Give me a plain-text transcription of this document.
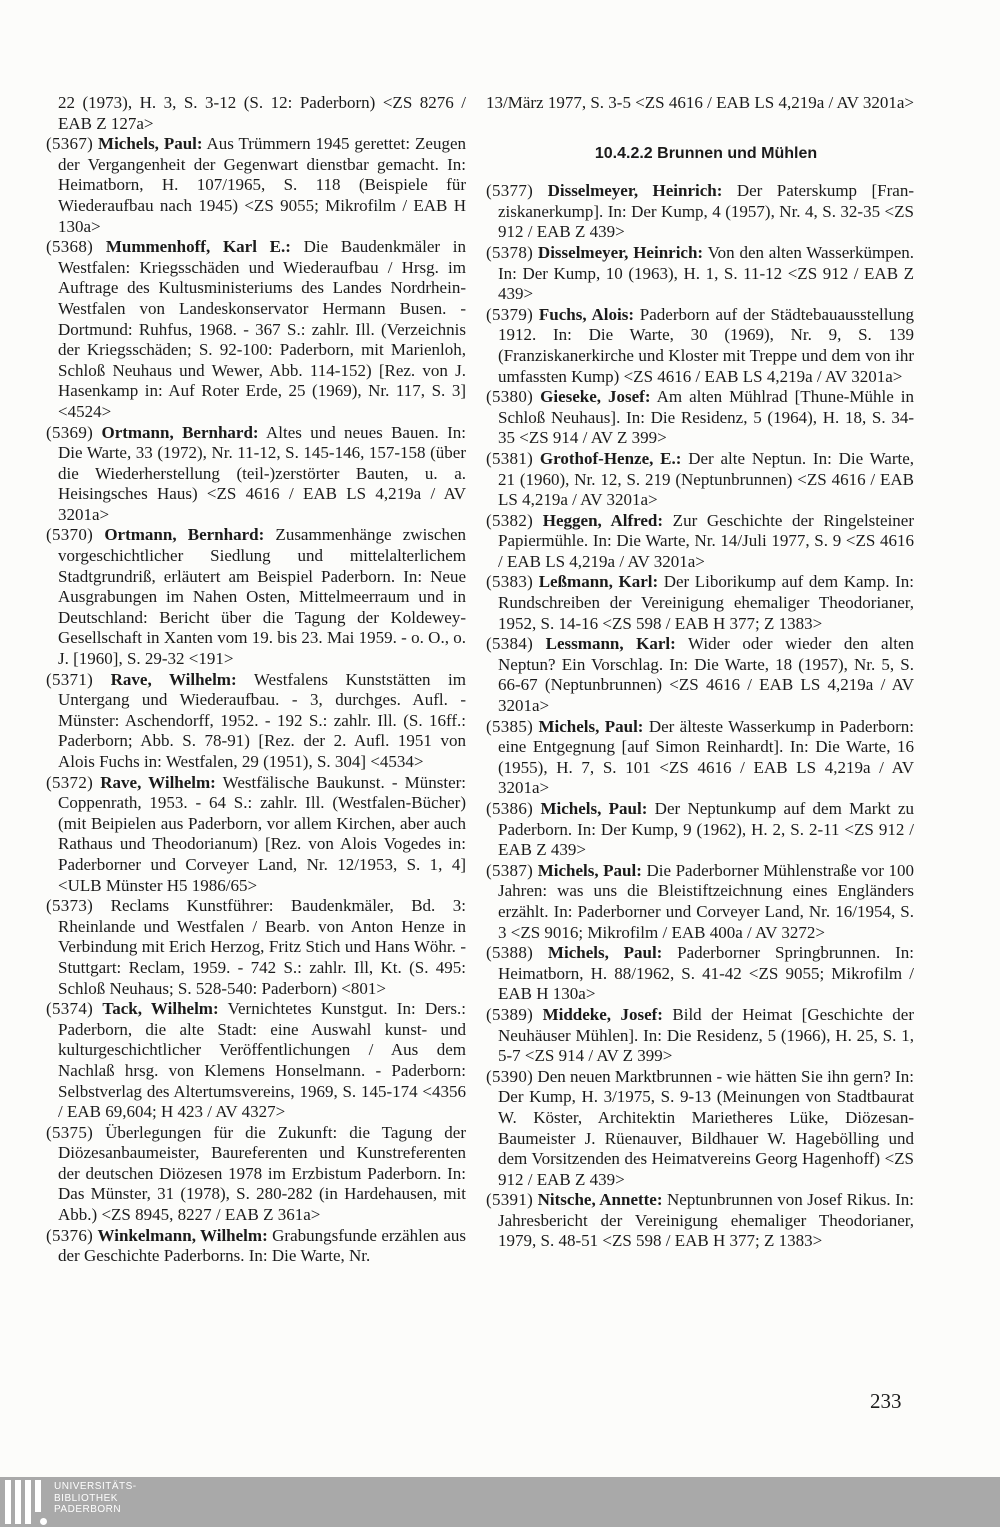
22 (1973), H. 3, S. 3-12 (S. 12: Paderborn) <ZS 8276 / EAB Z 127a>

(5367) Michels, Paul: Aus Trümmern 1945 gerettet: Zeugen der Vergangenheit der Gegenwart dienstbar gemacht. In: Heimatborn, H. 107/1965, S. 118 (Beispiele für Wiederaufbau nach 1945) <ZS 9055; Mikrofilm / EAB H 130a>

(5368) Mummenhoff, Karl E.: Die Baudenkmäler in Westfalen: Kriegsschäden und Wiederaufbau / Hrsg. im Auftrage des Kultusministeriums des Landes Nordrhein-Westfalen von Landeskonservator Hermann Busen. - Dortmund: Ruhfus, 1968. - 367 S.: zahlr. Ill. (Verzeichnis der Kriegsschäden; S. 92-100: Paderborn, mit Marienloh, Schloß Neuhaus und Wewer, Abb. 114-152) [Rez. von J. Hasenkamp in: Auf Roter Erde, 25 (1969), Nr. 117, S. 3] <4524>

(5369) Ortmann, Bernhard: Altes und neues Bauen. In: Die Warte, 33 (1972), Nr. 11-12, S. 145-146, 157-158 (über die Wiederherstellung (teil-)zerstörter Bauten, u. a. Heisingsches Haus) <ZS 4616 / EAB LS 4,219a / AV 3201a>

(5370) Ortmann, Bernhard: Zusammenhänge zwischen vorgeschichtlicher Siedlung und mittelalterlichem Stadtgrundriß, erläutert am Beispiel Paderborn. In: Neue Ausgrabungen im Nahen Osten, Mittelmeerraum und in Deutschland: Bericht über die Tagung der Koldewey-Gesellschaft in Xanten vom 19. bis 23. Mai 1959. - o. O., o. J. [1960], S. 29-32 <191>

(5371) Rave, Wilhelm: Westfalens Kunststätten im Untergang und Wiederaufbau. - 3, durchges. Aufl. - Münster: Aschendorff, 1952. - 192 S.: zahlr. Ill. (S. 16ff.: Paderborn; Abb. S. 78-91) [Rez. der 2. Aufl. 1951 von Alois Fuchs in: Westfalen, 29 (1951), S. 304] <4534>

(5372) Rave, Wilhelm: Westfälische Baukunst. - Münster: Coppenrath, 1953. - 64 S.: zahlr. Ill. (Westfalen-Bücher) (mit Beipielen aus Paderborn, vor allem Kirchen, aber auch Rathaus und Theodorianum) [Rez. von Alois Vogedes in: Paderborner und Corveyer Land, Nr. 12/1953, S. 1, 4] <ULB Münster H5 1986/65>

(5373) Reclams Kunstführer: Baudenkmäler, Bd. 3: Rheinlande und Westfalen / Bearb. von Anton Henze in Verbindung mit Erich Herzog, Fritz Stich und Hans Wöhr. - Stuttgart: Reclam, 1959. - 742 S.: zahlr. Ill, Kt. (S. 495: Schloß Neuhaus; S. 528-540: Paderborn) <801>

(5374) Tack, Wilhelm: Vernichtetes Kunstgut. In: Ders.: Paderborn, die alte Stadt: eine Auswahl kunst- und kulturgeschichtlicher Veröffentlichungen / Aus dem Nachlaß hrsg. von Klemens Honselmann. - Paderborn: Selbstverlag des Altertumsvereins, 1969, S. 145-174 <4356 / EAB 69,604; H 423 / AV 4327>

(5375) Überlegungen für die Zukunft: die Tagung der Diözesanbaumeister, Baureferenten und Kunstreferenten der deutschen Diözesen 1978 im Erzbistum Paderborn. In: Das Münster, 31 (1978), S. 280-282 (in Hardehausen, mit Abb.) <ZS 8945, 8227 / EAB Z 361a>

(5376) Winkelmann, Wilhelm: Grabungsfunde erzählen aus der Geschichte Paderborns. In: Die Warte, Nr.

13/März 1977, S. 3-5 <ZS 4616 / EAB LS 4,219a / AV 3201a>

10.4.2.2 Brunnen und Mühlen

(5377) Disselmeyer, Heinrich: Der Paterskump [Franziskanerkump]. In: Der Kump, 4 (1957), Nr. 4, S. 32-35 <ZS 912 / EAB Z 439>

(5378) Disselmeyer, Heinrich: Von den alten Wasserkümpen. In: Der Kump, 10 (1963), H. 1, S. 11-12 <ZS 912 / EAB Z 439>

(5379) Fuchs, Alois: Paderborn auf der Städtebauausstellung 1912. In: Die Warte, 30 (1969), Nr. 9, S. 139 (Franziskanerkirche und Kloster mit Treppe und dem von ihr umfassten Kump) <ZS 4616 / EAB LS 4,219a / AV 3201a>

(5380) Gieseke, Josef: Am alten Mühlrad [Thune-Mühle in Schloß Neuhaus]. In: Die Residenz, 5 (1964), H. 18, S. 34-35 <ZS 914 / AV Z 399>

(5381) Grothof-Henze, E.: Der alte Neptun. In: Die Warte, 21 (1960), Nr. 12, S. 219 (Neptunbrunnen) <ZS 4616 / EAB LS 4,219a / AV 3201a>

(5382) Heggen, Alfred: Zur Geschichte der Ringelsteiner Papiermühle. In: Die Warte, Nr. 14/Juli 1977, S. 9 <ZS 4616 / EAB LS 4,219a / AV 3201a>

(5383) Leßmann, Karl: Der Liborikump auf dem Kamp. In: Rundschreiben der Vereinigung ehemaliger Theodorianer, 1952, S. 14-16 <ZS 598 / EAB H 377; Z 1383>

(5384) Lessmann, Karl: Wider oder wieder den alten Neptun? Ein Vorschlag. In: Die Warte, 18 (1957), Nr. 5, S. 66-67 (Neptunbrunnen) <ZS 4616 / EAB LS 4,219a / AV 3201a>

(5385) Michels, Paul: Der älteste Wasserkump in Paderborn: eine Entgegnung [auf Simon Reinhardt]. In: Die Warte, 16 (1955), H. 7, S. 101 <ZS 4616 / EAB LS 4,219a / AV 3201a>

(5386) Michels, Paul: Der Neptunkump auf dem Markt zu Paderborn. In: Der Kump, 9 (1962), H. 2, S. 2-11 <ZS 912 / EAB Z 439>

(5387) Michels, Paul: Die Paderborner Mühlenstraße vor 100 Jahren: was uns die Bleistiftzeichnung eines Engländers erzählt. In: Paderborner und Corveyer Land, Nr. 16/1954, S. 3 <ZS 9016; Mikrofilm / EAB 400a / AV 3272>

(5388) Michels, Paul: Paderborner Springbrunnen. In: Heimatborn, H. 88/1962, S. 41-42 <ZS 9055; Mikrofilm / EAB H 130a>

(5389) Middeke, Josef: Bild der Heimat [Geschichte der Neuhäuser Mühlen]. In: Die Residenz, 5 (1966), H. 25, S. 1, 5-7 <ZS 914 / AV Z 399>

(5390) Den neuen Marktbrunnen - wie hätten Sie ihn gern? In: Der Kump, H. 3/1975, S. 9-13 (Meinungen von Stadtbaurat W. Köster, Architektin Marietheres Lüke, Diözesan-Baumeister J. Rüenauver, Bildhauer W. Hagebölling und dem Vorsitzenden des Heimatvereins Georg Hagenhoff) <ZS 912 / EAB Z 439>

(5391) Nitsche, Annette: Neptunbrunnen von Josef Rikus. In: Jahresbericht der Vereinigung ehemaliger Theodorianer, 1979, S. 48-51 <ZS 598 / EAB H 377; Z 1383>

233
UNIVERSITÄTS-
BIBLIOTHEK
PADERBORN
